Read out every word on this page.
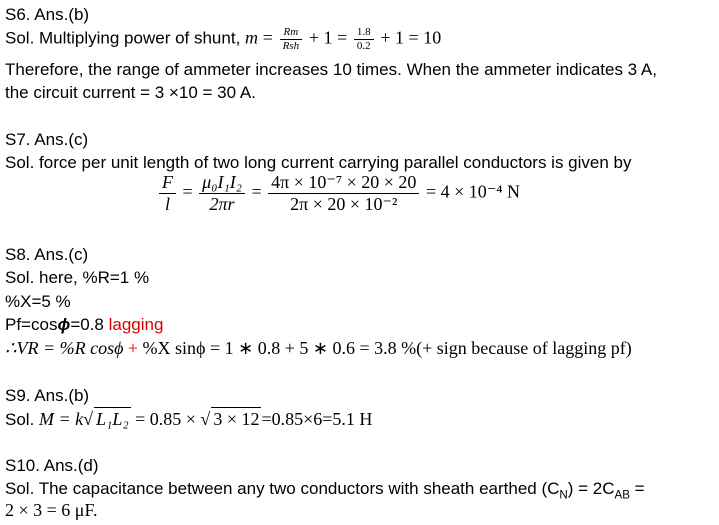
S6. Ans.(b)
Sol. Multiplying power of shunt, $m = \frac{Rm}{\text{Rsh}} + 1 = \frac{1.8}{0.2} + 1 = 10$
Therefore, the range of ammeter increases 10 times. When the ammeter indicates 3 A,
the circuit current = 3 ×10 = 30 A.
S7. Ans.(c)
Sol. force per unit length of two long current carrying parallel conductors is given by
$\frac{F}{l} = \frac{\text{μ₀I₁I₂}}{2\pi r} = \frac{\text{4π × 10⁻⁷ × 20 × 20}}{\text{2π × 20 × 10⁻²}} = 4 \times 10^{-4}$ N
S8. Ans.(c)
Sol. here, %R=1 %
%X=5 %
Pf=cosϕ=0.8 lagging
∴VR = %R cosϕ + %X sinϕ = 1 ∗ 0.8 + 5 ∗ 0.6 = 3.8 %(+ sign because of lagging pf)
S9. Ans.(b)
Sol. M = k√ L₁L₂ = 0.85 × √ 3 × 12 =0.85×6=5.1 H
S10. Ans.(d)
Sol. The capacitance between any two conductors with sheath earthed $(C_N) = 2C_{AB}$ =
2 × 3 = 6 μF.
